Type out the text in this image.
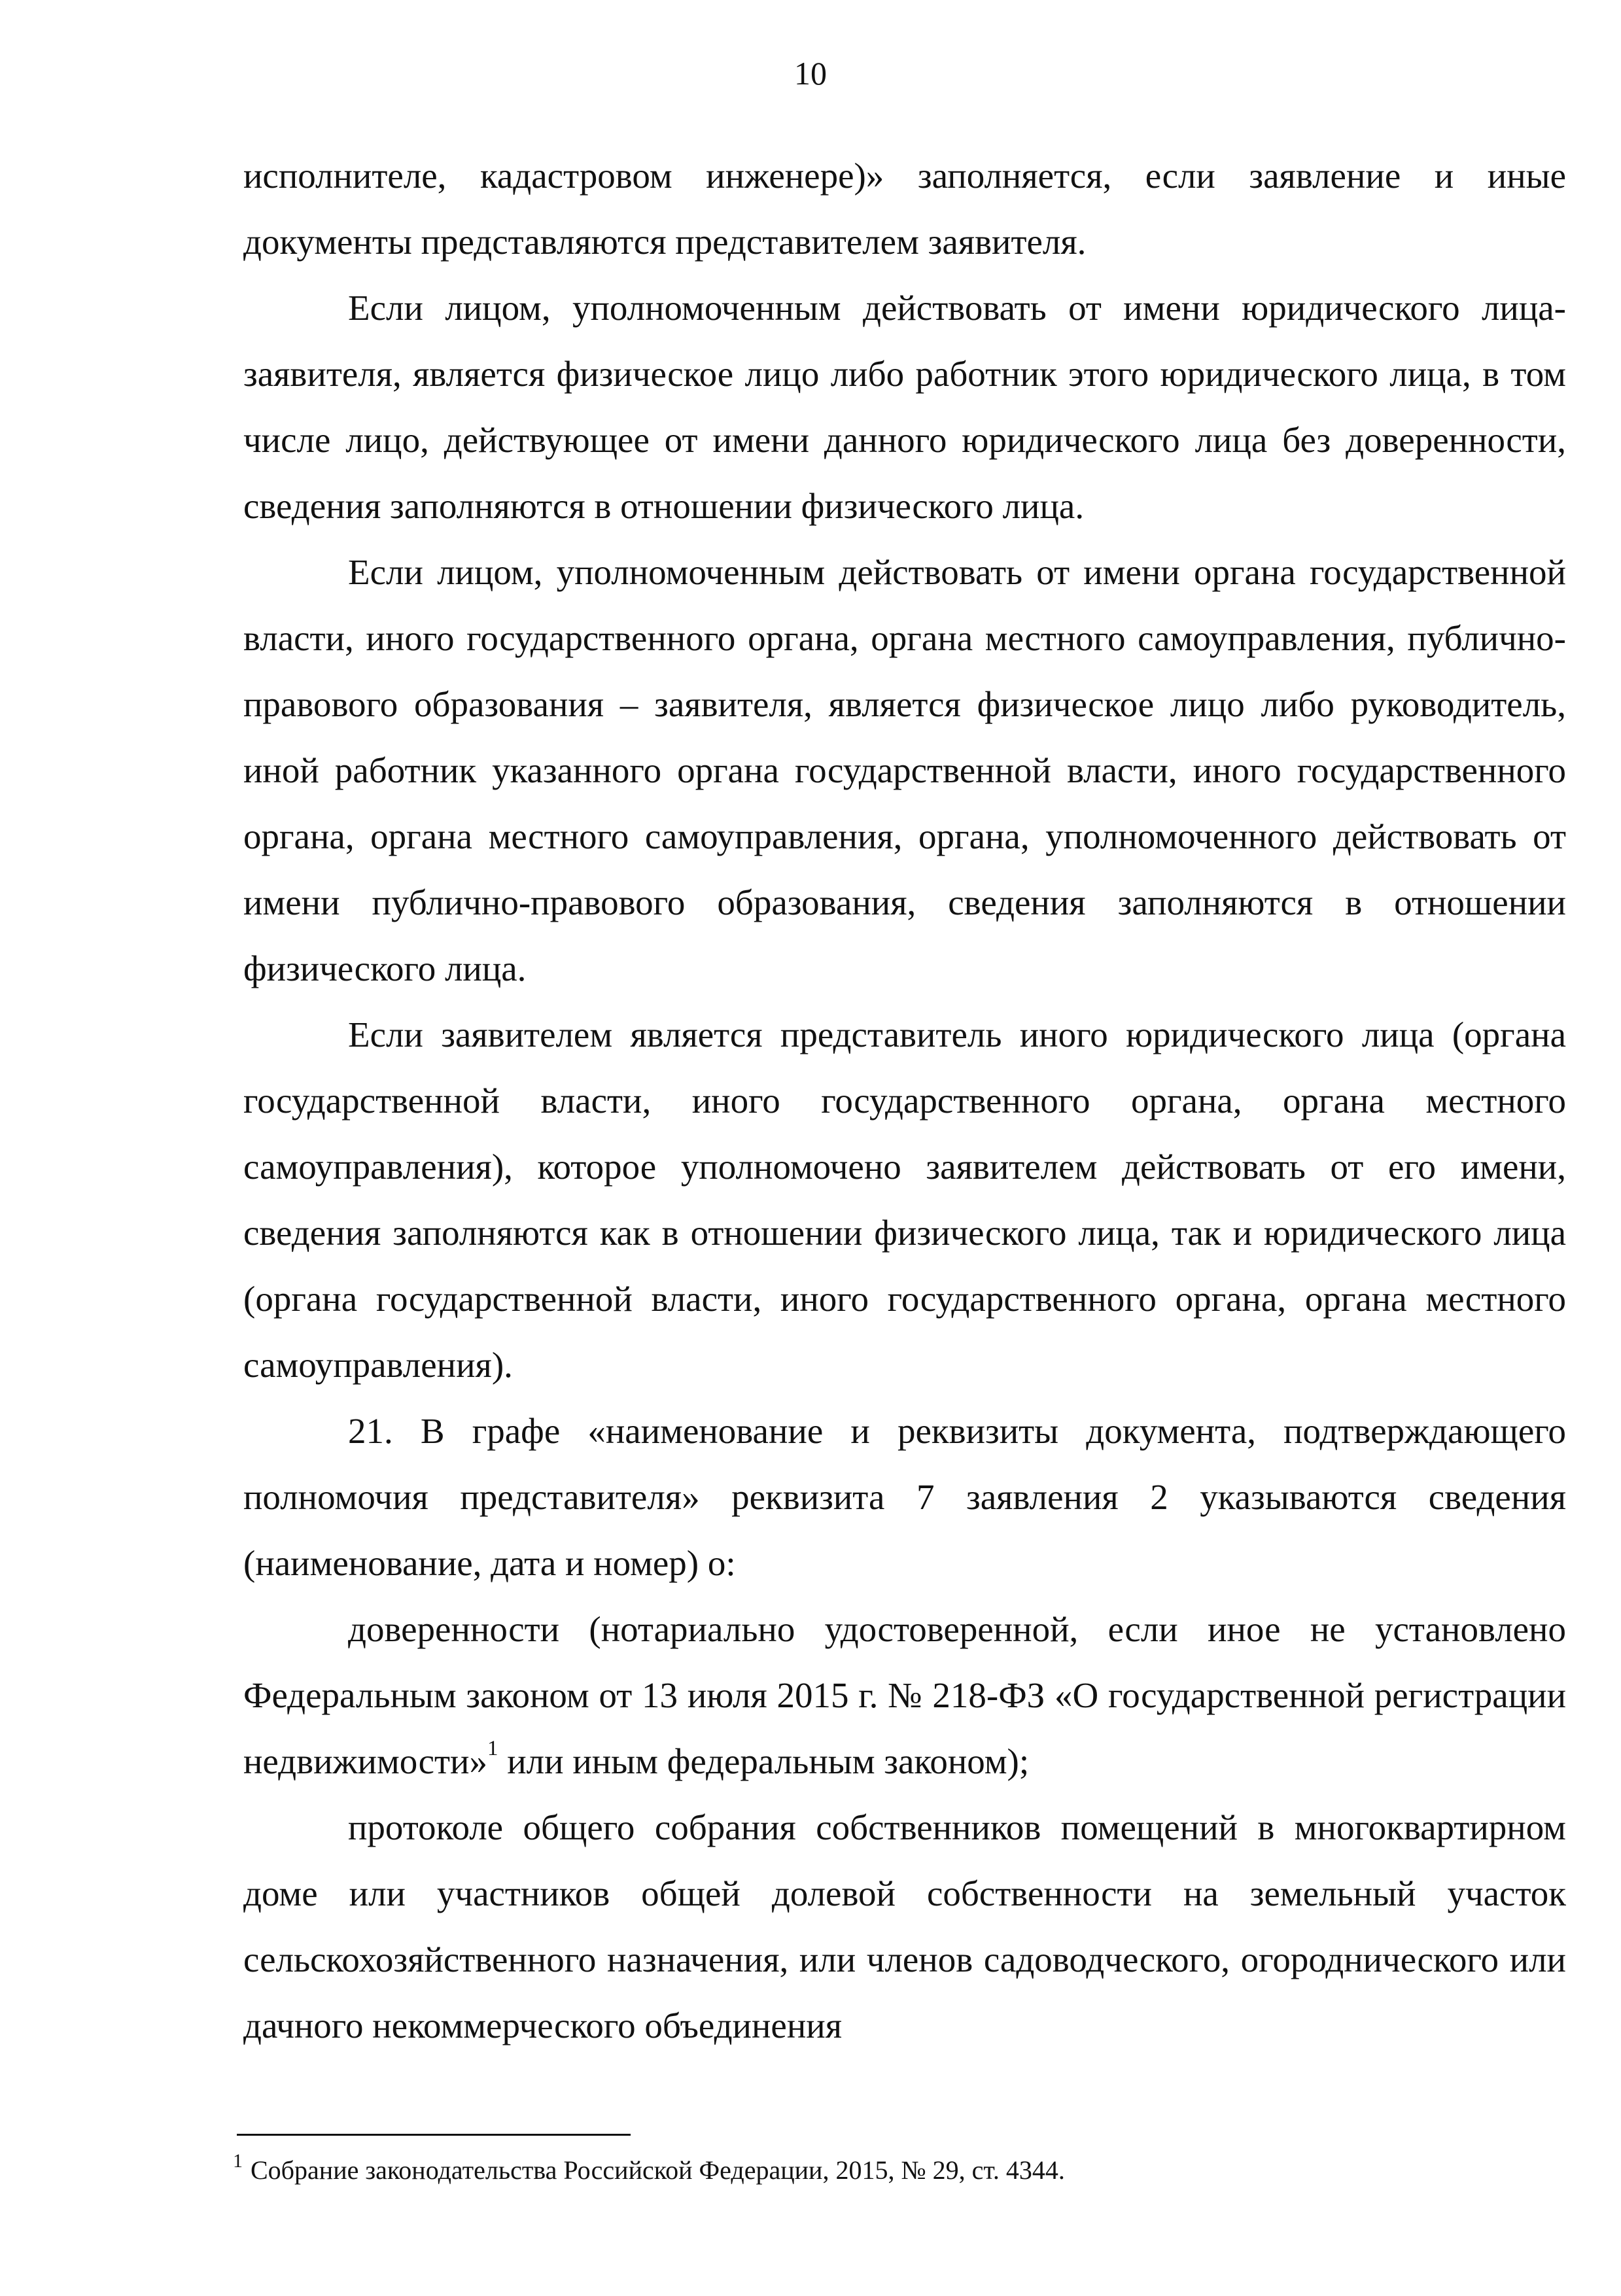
10

исполнителе, кадастровом инженере)» заполняется, если заявление и иные документы представляются представителем заявителя.

Если лицом, уполномоченным действовать от имени юридического лица-заявителя, является физическое лицо либо работник этого юридического лица, в том числе лицо, действующее от имени данного юридического лица без доверенности, сведения заполняются в отношении физического лица.

Если лицом, уполномоченным действовать от имени органа государственной власти, иного государственного органа, органа местного самоуправления, публично-правового образования – заявителя, является физическое лицо либо руководитель, иной работник указанного органа государственной власти, иного государственного органа, органа местного самоуправления, органа, уполномоченного действовать от имени публично-правового образования, сведения заполняются в отношении физического лица.

Если заявителем является представитель иного юридического лица (органа государственной власти, иного государственного органа, органа местного самоуправления), которое уполномочено заявителем действовать от его имени, сведения заполняются как в отношении физического лица, так и юридического лица (органа государственной власти, иного государственного органа, органа местного самоуправления).

21. В графе «наименование и реквизиты документа, подтверждающего полномочия представителя» реквизита 7 заявления 2 указываются сведения (наименование, дата и номер) о:

доверенности (нотариально удостоверенной, если иное не установлено Федеральным законом от 13 июля 2015 г. № 218-ФЗ «О государственной регистрации недвижимости»$^1$ или иным федеральным законом);

протоколе общего собрания собственников помещений в многоквартирном доме или участников общей долевой собственности на земельный участок сельскохозяйственного назначения, или членов садоводческого, огороднического или дачного некоммерческого объединения

$^1$ Собрание законодательства Российской Федерации, 2015, № 29, ст. 4344.
